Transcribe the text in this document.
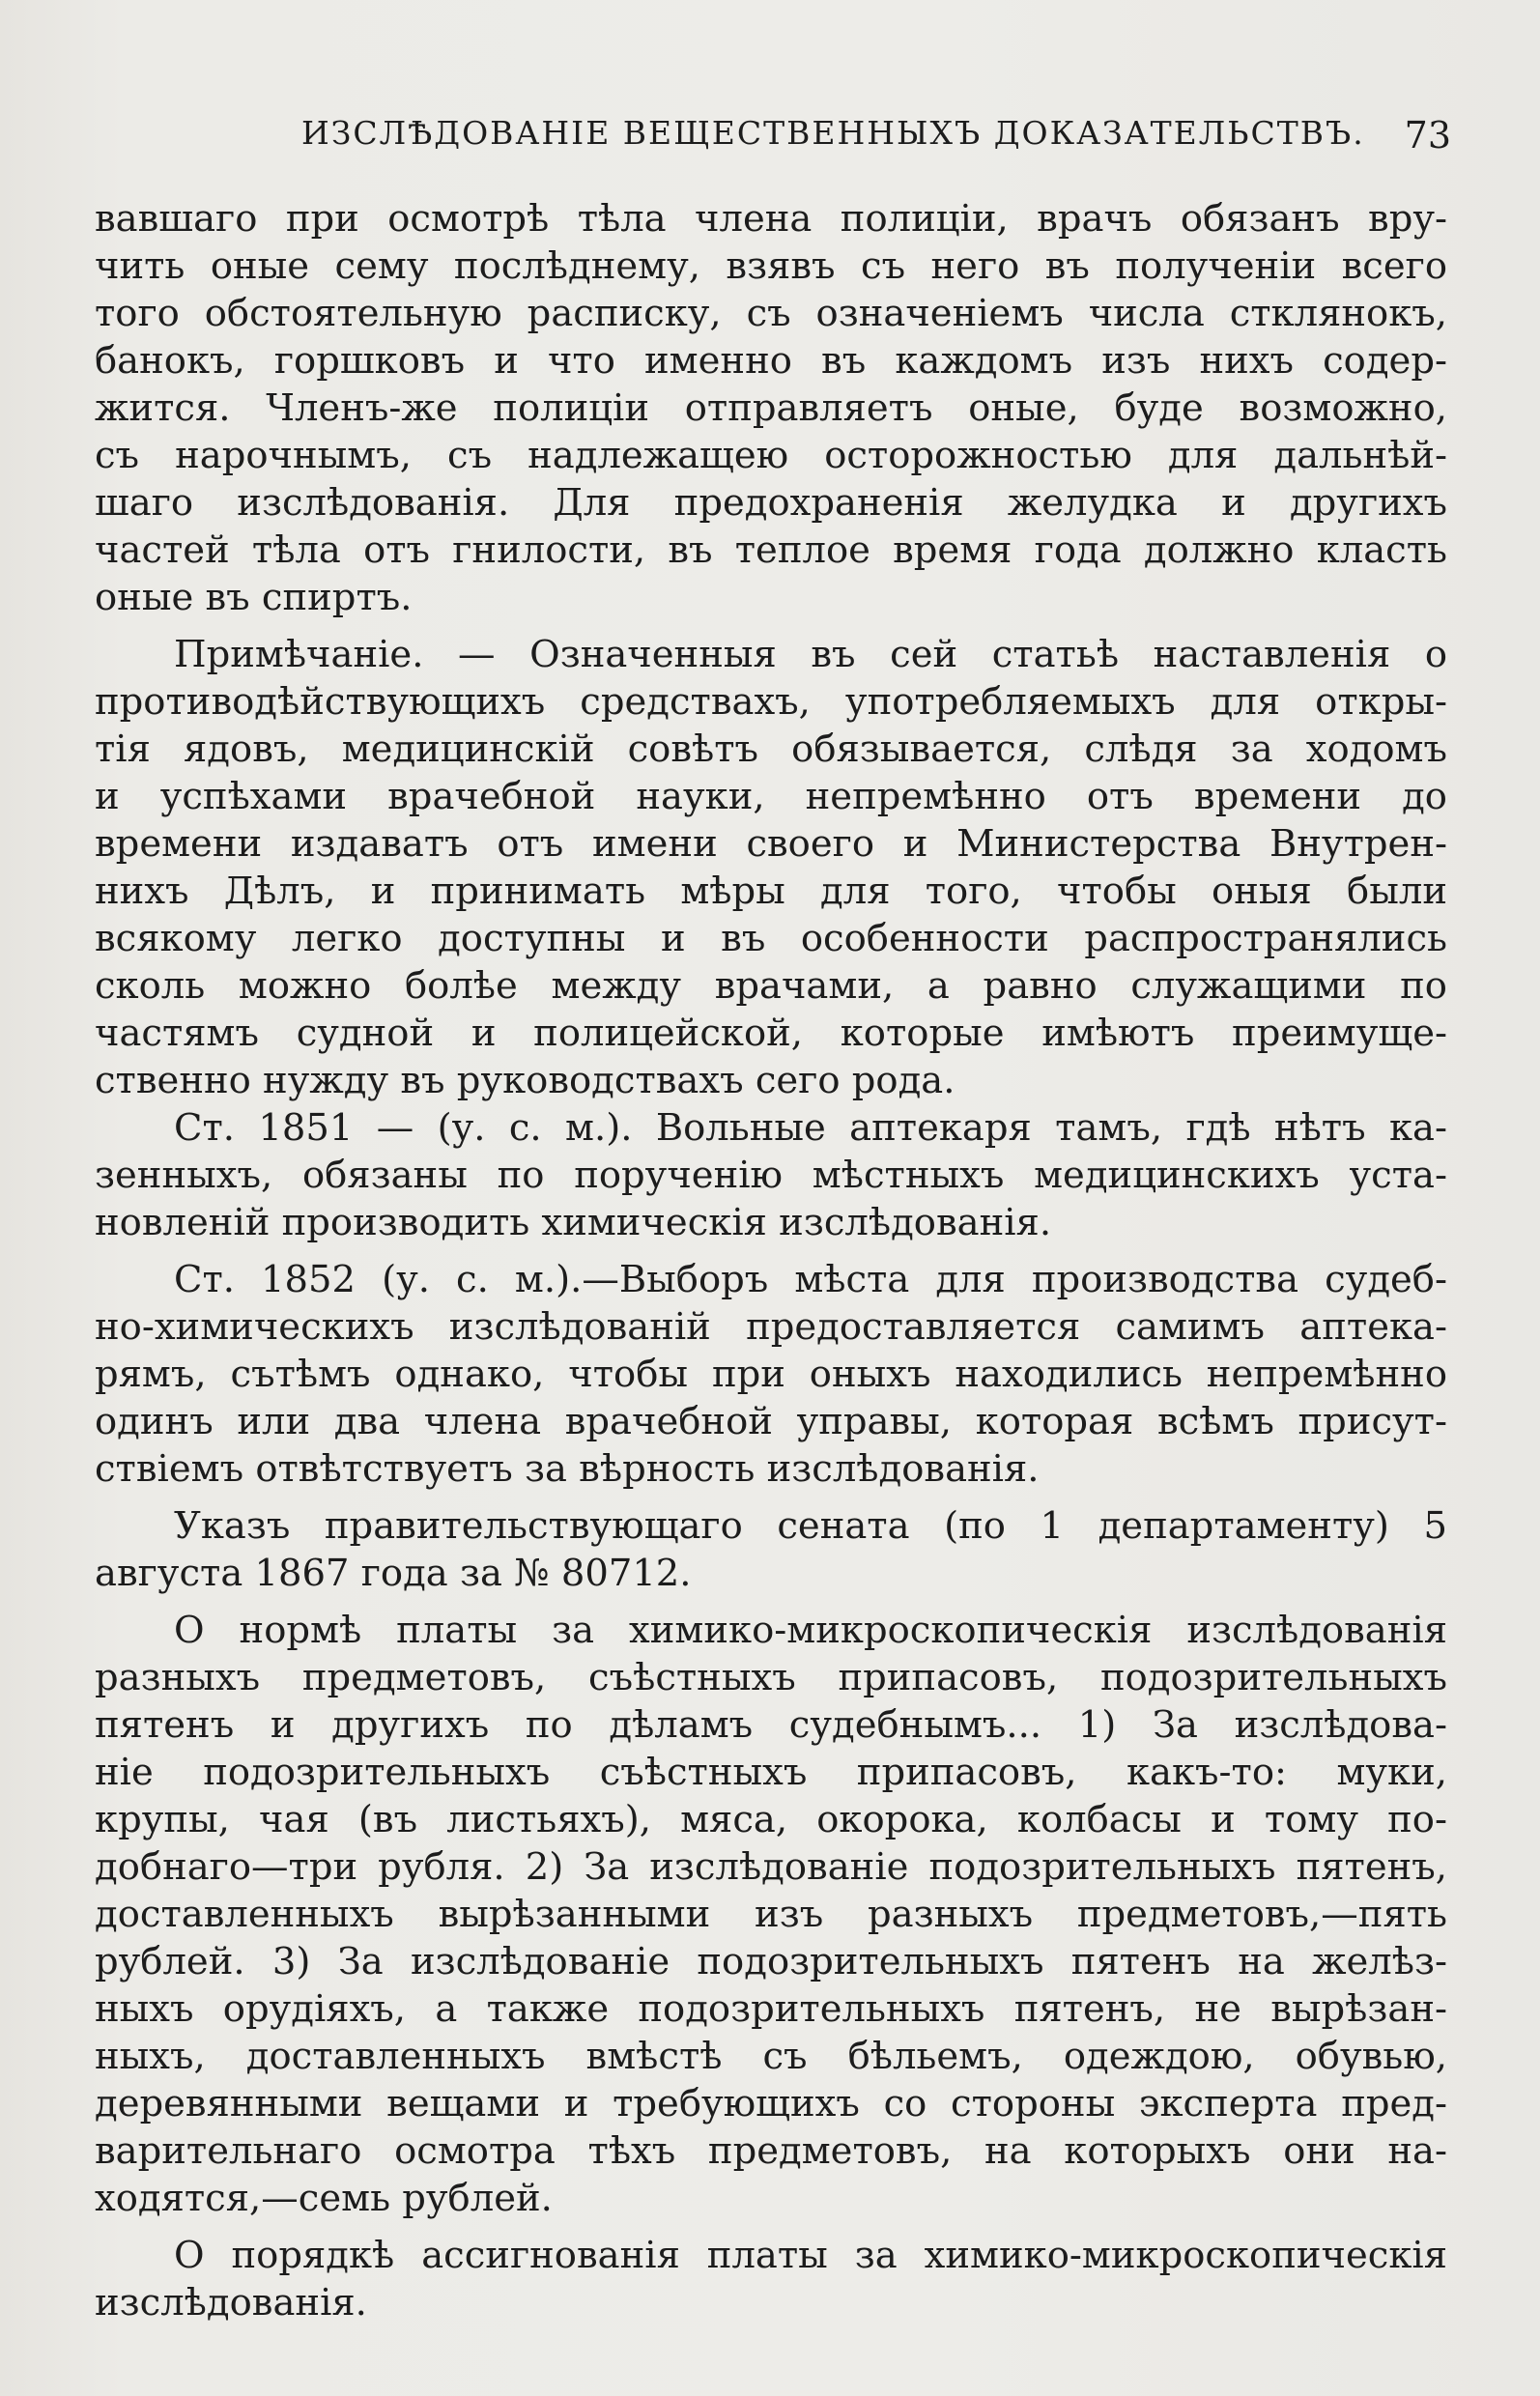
ИЗСЛѢДОВАНІЕ ВЕЩЕСТВЕННЫХЪ ДОКАЗАТЕЛЬСТВЪ. 73
вавшаго при осмотрѣ тѣла члена полиціи, врачъ обязанъ вру-
чить оные сему послѣднему, взявъ съ него въ полученіи всего
того обстоятельную расписку, съ означеніемъ числа стклянокъ,
банокъ, горшковъ и что именно въ каждомъ изъ нихъ содер-
жится. Членъ-же полиціи отправляетъ оные, буде возможно,
съ нарочнымъ, съ надлежащею осторожностью для дальнѣй-
шаго изслѣдованія. Для предохраненія желудка и другихъ
частей тѣла отъ гнилости, въ теплое время года должно класть
оные въ спиртъ.
Примѣчаніе. — Означенныя въ сей статьѣ наставленія о
противодѣйствующихъ средствахъ, употребляемыхъ для откры-
тія ядовъ, медицинскій совѣтъ обязывается, слѣдя за ходомъ
и успѣхами врачебной науки, непремѣнно отъ времени до
времени издаватъ отъ имени своего и Министерства Внутрен-
нихъ Дѣлъ, и принимать мѣры для того, чтобы оныя были
всякому легко доступны и въ особенности распространялись
сколь можно болѣе между врачами, а равно служащими по
частямъ судной и полицейской, которые имѣютъ преимуще-
ственно нужду въ руководствахъ сего рода.
Ст. 1851 — (у. с. м.). Вольные аптекаря тамъ, гдѣ нѣтъ ка-
зенныхъ, обязаны по порученію мѣстныхъ медицинскихъ уста-
новленій производить химическія изслѣдованія.
Ст. 1852 (у. с. м.).—Выборъ мѣста для производства судеб-
но-химическихъ изслѣдованій предоставляется самимъ аптека-
рямъ, сътѣмъ однако, чтобы при оныхъ находились непремѣнно
одинъ или два члена врачебной управы, которая всѣмъ присут-
ствіемъ отвѣтствуетъ за вѣрность изслѣдованія.
Указъ правительствующаго сената (по 1 департаменту) 5
августа 1867 года за № 80712.
О нормѣ платы за химико-микроскопическія изслѣдованія
разныхъ предметовъ, съѣстныхъ припасовъ, подозрительныхъ
пятенъ и другихъ по дѣламъ судебнымъ... 1) За изслѣдова-
ніе подозрительныхъ съѣстныхъ припасовъ, какъ-то: муки,
крупы, чая (въ листьяхъ), мяса, окорока, колбасы и тому по-
добнаго—три рубля. 2) За изслѣдованіе подозрительныхъ пятенъ,
доставленныхъ вырѣзанными изъ разныхъ предметовъ,—пять
рублей. 3) За изслѣдованіе подозрительныхъ пятенъ на желѣз-
ныхъ орудіяхъ, а также подозрительныхъ пятенъ, не вырѣзан-
ныхъ, доставленныхъ вмѣстѣ съ бѣльемъ, одеждою, обувью,
деревянными вещами и требующихъ со стороны эксперта пред-
варительнаго осмотра тѣхъ предметовъ, на которыхъ они на-
ходятся,—семь рублей.
О порядкѣ ассигнованія платы за химико-микроскопическія
изслѣдованія.
